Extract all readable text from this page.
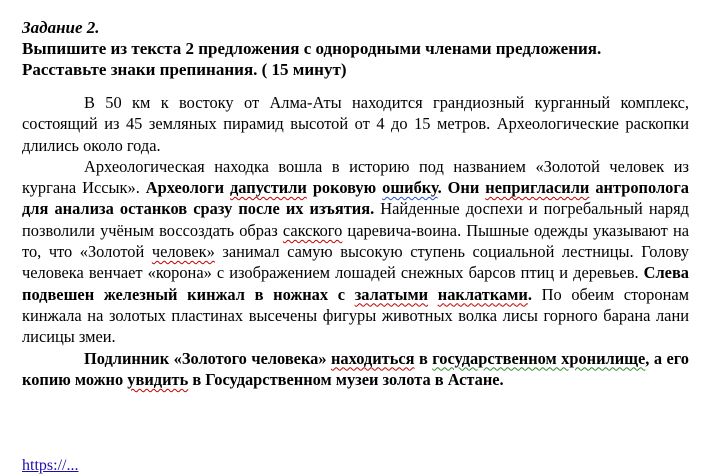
Задание 2.

Выпишите из текста 2 предложения с однородными членами предложения. Расставьте знаки препинания. ( 15 минут)

В 50 км к востоку от Алма-Аты находится грандиозный курганный комплекс, состоящий из 45 земляных пирамид высотой от 4 до 15 метров. Археологические раскопки длились около года.

Археологическая находка вошла в историю под названием «Золотой человек из кургана Иссык». Археологи дапустили роковую ошибку. Они непригласили антрополога для анализа останков сразу после их изъятия. Найденные доспехи и погребальный наряд позволили учёным воссоздать образ сакского царевича-воина. Пышные одежды указывают на то, что «Золотой человек» занимал самую высокую ступень социальной лестницы. Голову человека венчает «корона» с изображением лошадей снежных барсов птиц и деревьев. Слева подвешен железный кинжал в ножнах с залатыми наклатками. По обеим сторонам кинжала на золотых пластинах высечены фигуры животных волка лисы горного барана лани лисицы змеи.

Подлинник «Золотого человека» находиться в государственном хронилище, а его копию можно увидить в Государственном музеи золота в Астане.

https://...
